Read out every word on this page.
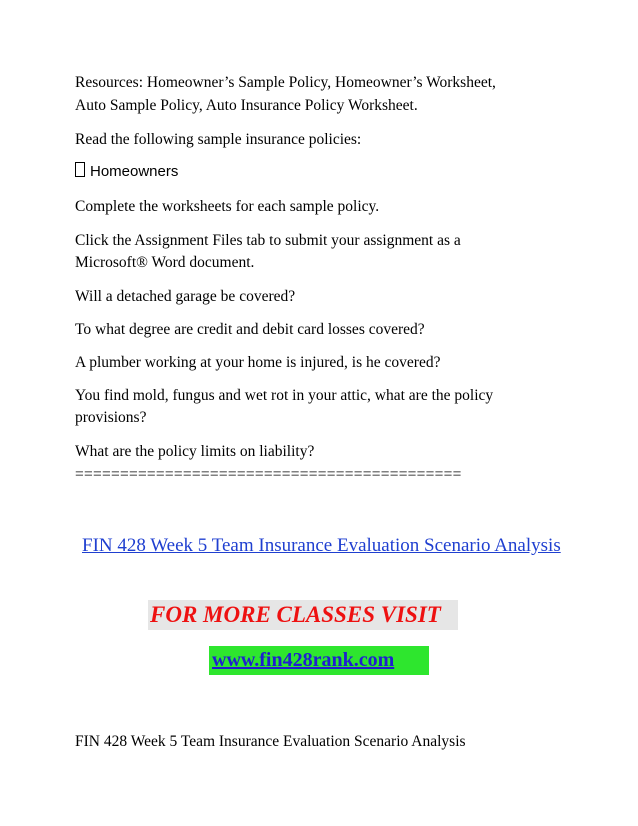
Resources: Homeowner’s Sample Policy, Homeowner’s Worksheet,

Auto Sample Policy, Auto Insurance Policy Worksheet.

Read the following sample insurance policies:

Homeowners

Complete the worksheets for each sample policy.

Click the Assignment Files tab to submit your assignment as a

Microsoft® Word document.

Will a detached garage be covered?

To what degree are credit and debit card losses covered?

A plumber working at your home is injured, is he covered?

You find mold, fungus and wet rot in your attic, what are the policy

provisions?

What are the policy limits on liability?

===========================================
FIN 428 Week 5 Team Insurance Evaluation Scenario Analysis
FOR MORE CLASSES VISIT
www.fin428rank.com

FIN 428 Week 5 Team Insurance Evaluation Scenario Analysis
